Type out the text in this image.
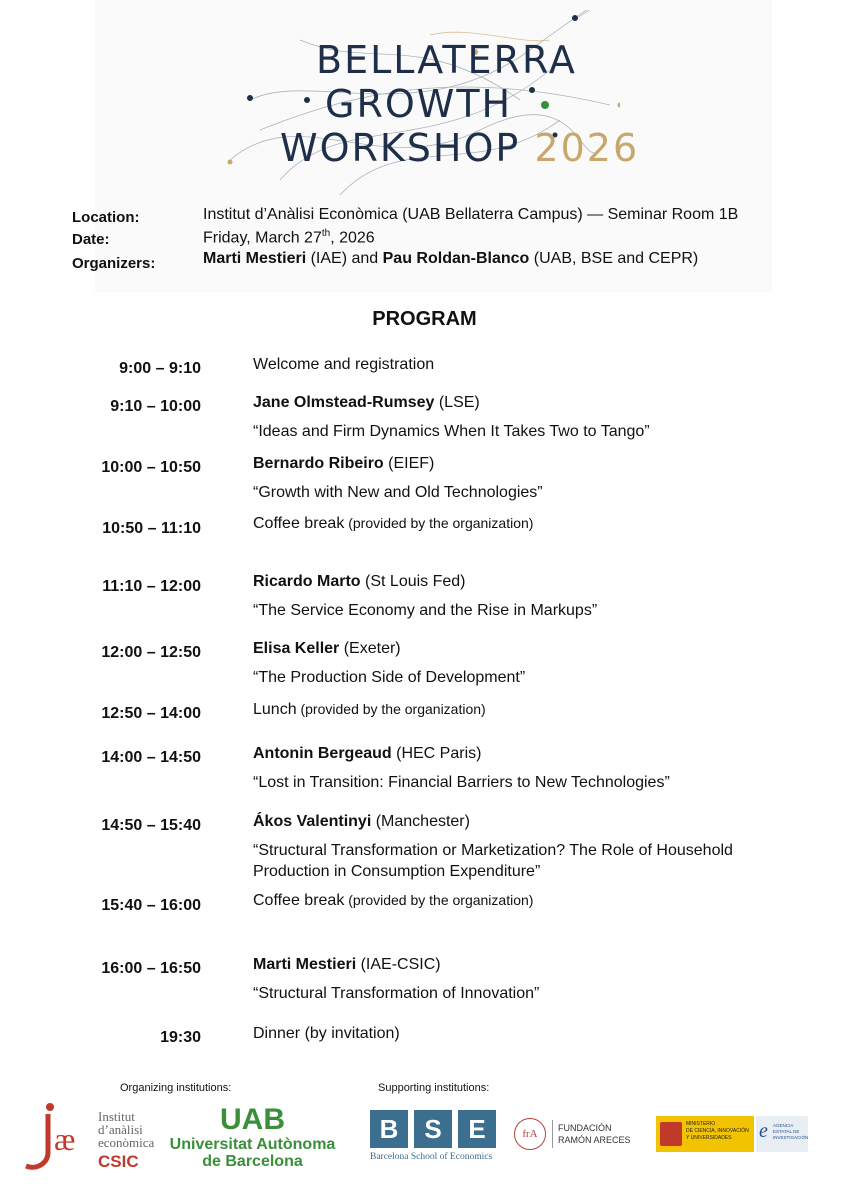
BELLATERRA
GROWTH
WORKSHOP 2026
Location:	Institut d’Anàlisi Econòmica (UAB Bellaterra Campus) — Seminar Room 1B
Date:	Friday, March 27th, 2026
Organizers:	Marti Mestieri (IAE) and Pau Roldan-Blanco (UAB, BSE and CEPR)
PROGRAM
9:00 – 9:10	Welcome and registration
9:10 – 10:00	Jane Olmstead-Rumsey (LSE)
“Ideas and Firm Dynamics When It Takes Two to Tango”
10:00 – 10:50	Bernardo Ribeiro (EIEF)
“Growth with New and Old Technologies”
10:50 – 11:10	Coffee break (provided by the organization)
11:10 – 12:00	Ricardo Marto (St Louis Fed)
“The Service Economy and the Rise in Markups”
12:00 – 12:50	Elisa Keller (Exeter)
“The Production Side of Development”
12:50 – 14:00	Lunch (provided by the organization)
14:00 – 14:50	Antonin Bergeaud (HEC Paris)
“Lost in Transition: Financial Barriers to New Technologies”
14:50 – 15:40	Ákos Valentinyi (Manchester)
“Structural Transformation or Marketization? The Role of Household Production in Consumption Expenditure”
15:40 – 16:00	Coffee break (provided by the organization)
16:00 – 16:50	Marti Mestieri (IAE-CSIC)
“Structural Transformation of Innovation”
19:30	Dinner (by invitation)
Organizing institutions:	Supporting institutions:
æ
Institut
d’anàlisi
econòmica
CSIC
UAB
Universitat Autònoma
de Barcelona
B S	E
Barcelona School of Economics
frA	FUNDACIÓN
RAMÓN ARECES
MINISTERIO
DE CIENCIA, INNOVACIÓN
Y UNIVERSIDADES	e AGENCIA
ESTATAL DE
INVESTIGACIÓN
